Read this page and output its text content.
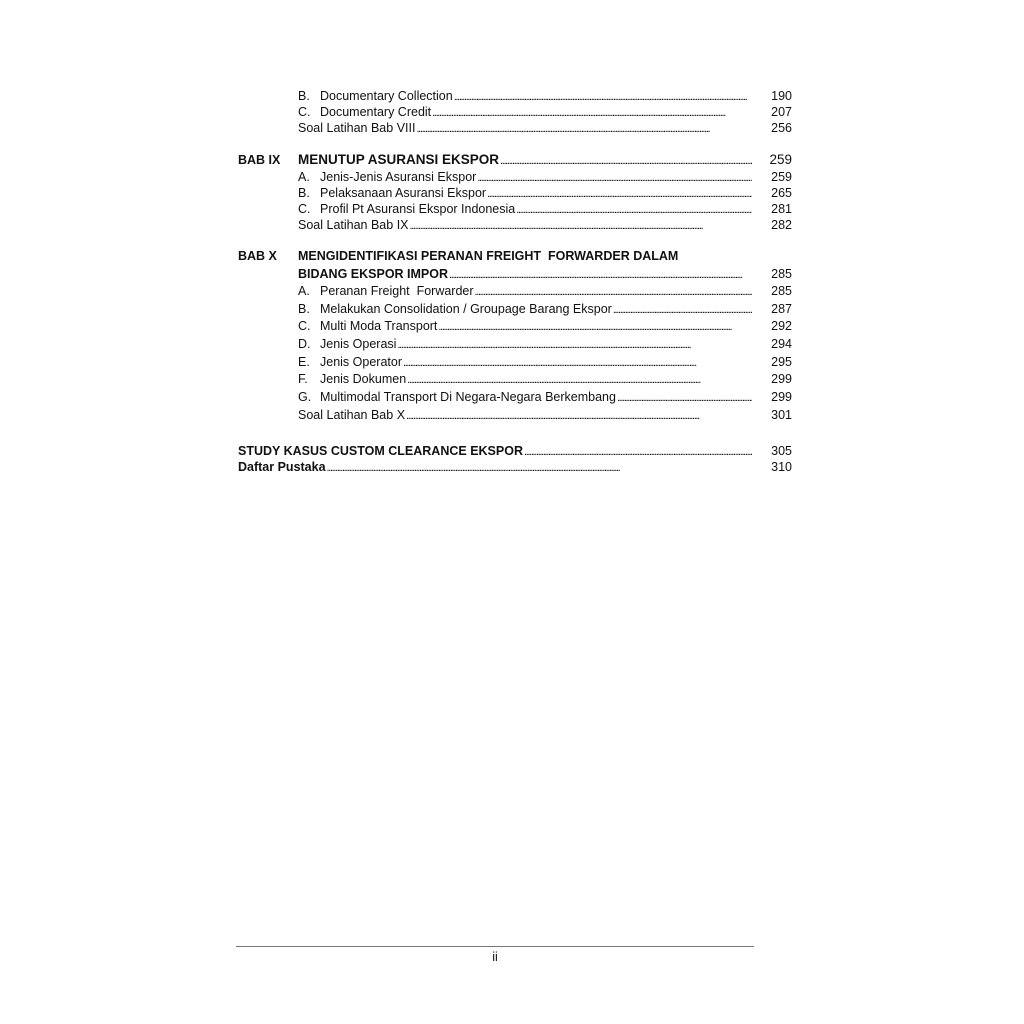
B. Documentary Collection . . .	190
C. Documentary Credit . . .	207
Soal Latihan Bab VIII . . .	256
BAB IX	MENUTUP ASURANSI EKSPOR . . .	259
A. Jenis-Jenis Asuransi Ekspor . . .	259
B. Pelaksanaan Asuransi Ekspor . . .	265
C. Profil Pt Asuransi Ekspor Indonesia . . .	281
Soal Latihan Bab IX . . .	282
BAB X	MENGIDENTIFIKASI PERANAN FREIGHT  FORWARDER DALAM
BIDANG EKSPOR IMPOR . . .	285
A. Peranan Freight  Forwarder . . .	285
B. Melakukan Consolidation / Groupage Barang Ekspor . . .	287
C. Multi Moda Transport . . .	292
D. Jenis Operasi . . .	294
E. Jenis Operator . . .	295
F. Jenis Dokumen . . .	299
G. Multimodal Transport Di Negara-Negara Berkembang . . .	299
Soal Latihan Bab X . . .	301
STUDY KASUS CUSTOM CLEARANCE EKSPOR . . .	305
Daftar Pustaka . . .	310
ii
